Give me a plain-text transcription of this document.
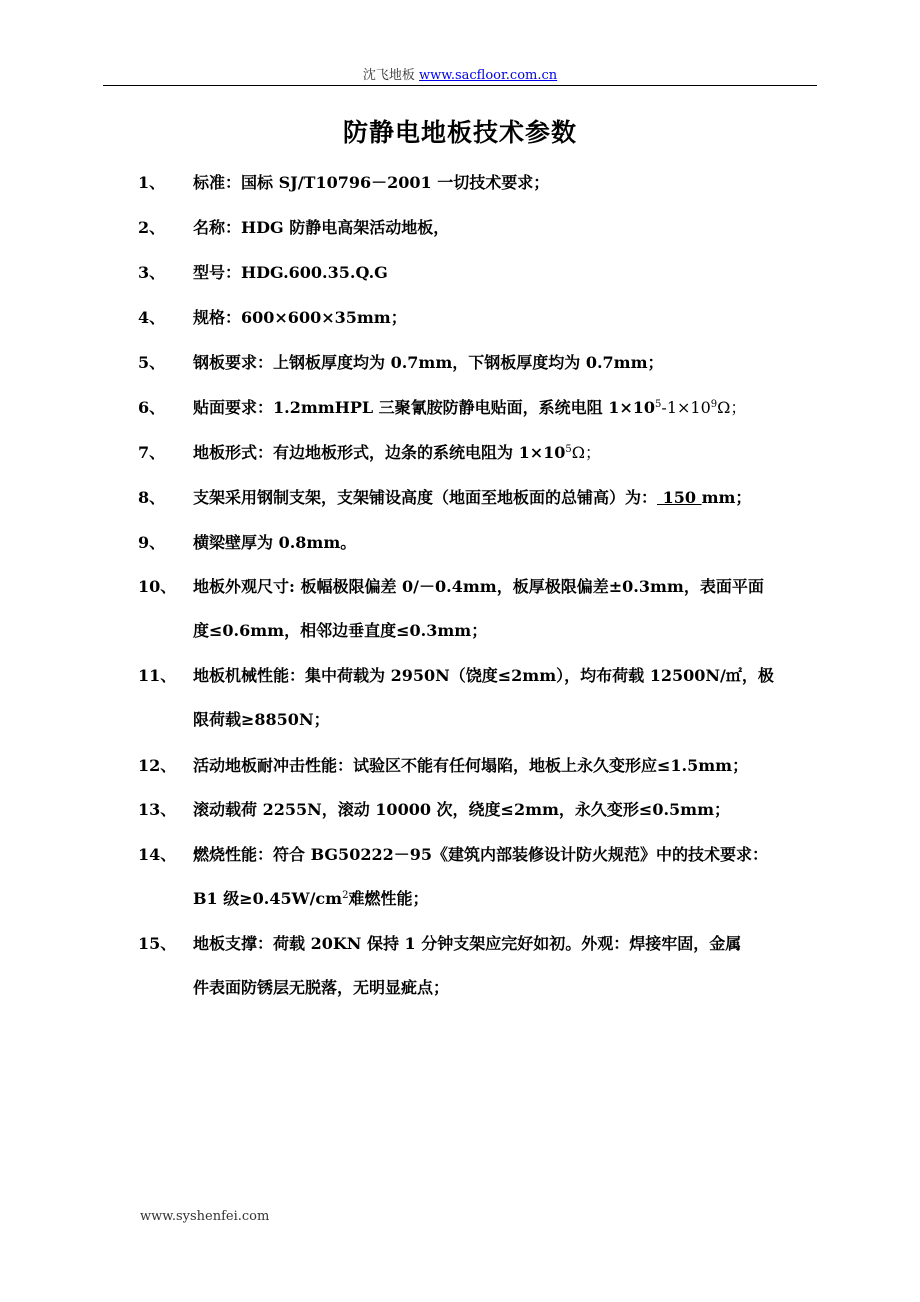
沈飞地板 www.sacfloor.com.cn
防静电地板技术参数
1、 标准：国标 SJ/T10796－2001 一切技术要求；
2、 名称：HDG 防静电高架活动地板，
3、 型号：HDG.600.35.Q.G
4、 规格：600×600×35mm；
5、 钢板要求：上钢板厚度均为 0.7mm，下钢板厚度均为 0.7mm；
6、 贴面要求：1.2mmHPL 三聚氰胺防静电贴面，系统电阻 $1\times 10^5-1\times 10^9\Omega$；
7、 地板形式：有边地板形式，边条的系统电阻为 $1\times 10^5\Omega$；
8、 支架采用钢制支架，支架铺设高度（地面至地板面的总铺高）为： 150 mm；
9、 横梁壁厚为 0.8mm。
10、 地板外观尺寸: 板幅极限偏差 0/－0.4mm，板厚极限偏差±0.3mm，表面平面
度≤0.6mm，相邻边垂直度≤0.3mm；
11、 地板机械性能：集中荷载为 2950N（饶度≤2mm），均布荷载 12500N/㎡，极
限荷载≥8850N；
12、 活动地板耐冲击性能：试验区不能有任何塌陷，地板上永久变形应≤1.5mm；
13、 滚动载荷 2255N，滚动 10000 次，绕度≤2mm，永久变形≤0.5mm；
14、 燃烧性能：符合 BG50222－95《建筑内部装修设计防火规范》中的技术要求：
B1 级$\ge 0.45W/cm^2$难燃性能；
15、 地板支撑：荷载 20KN 保持 1 分钟支架应完好如初。外观：焊接牢固，金属
件表面防锈层无脱落，无明显疵点；
www.syshenfei.com
